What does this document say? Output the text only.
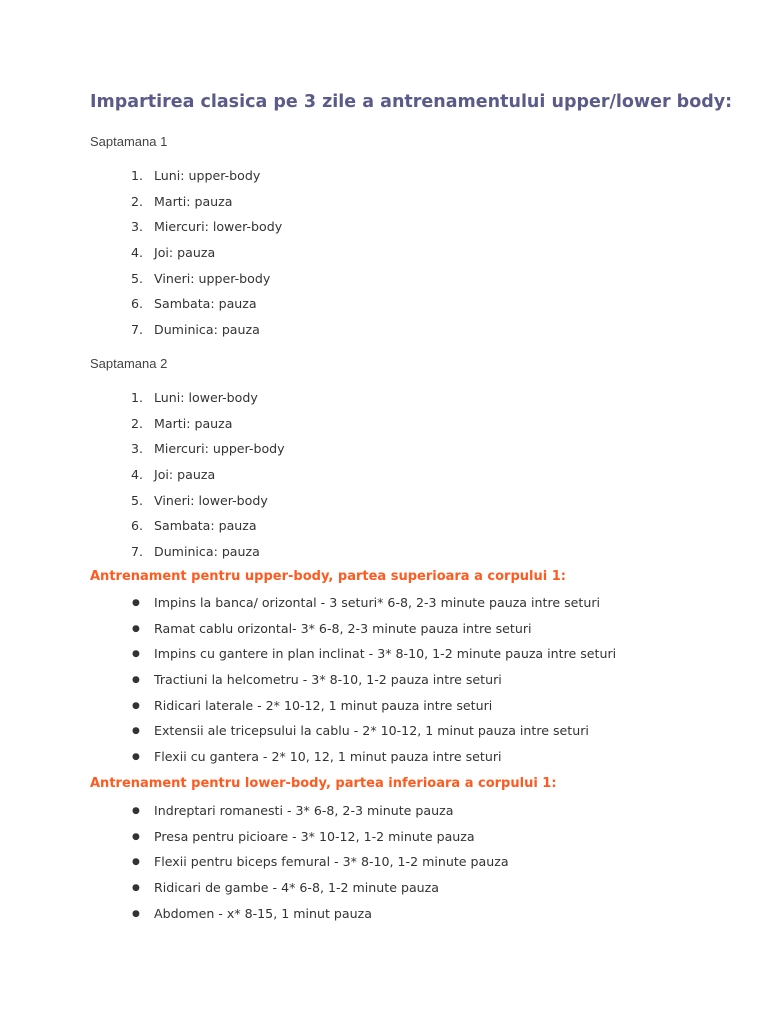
Impartirea clasica pe 3 zile a antrenamentului upper/lower body:

Saptamana 1

1. Luni: upper-body
2. Marti: pauza
3. Miercuri: lower-body
4. Joi: pauza
5. Vineri: upper-body
6. Sambata: pauza
7. Duminica: pauza

Saptamana 2

1. Luni: lower-body
2. Marti: pauza
3. Miercuri: upper-body
4. Joi: pauza
5. Vineri: lower-body
6. Sambata: pauza
7. Duminica: pauza
Antrenament pentru upper-body, partea superioara a corpului 1:
●	Impins la banca/ orizontal - 3 seturi* 6-8, 2-3 minute pauza intre seturi
●	Ramat cablu orizontal- 3* 6-8, 2-3 minute pauza intre seturi
●	Impins cu gantere in plan inclinat - 3* 8-10, 1-2 minute pauza intre seturi
●	Tractiuni la helcometru - 3* 8-10, 1-2 pauza intre seturi
●	Ridicari laterale - 2* 10-12, 1 minut pauza intre seturi
●	Extensii ale tricepsului la cablu - 2* 10-12, 1 minut pauza intre seturi
●	Flexii cu gantera - 2* 10, 12, 1 minut pauza intre seturi
Antrenament pentru lower-body, partea inferioara a corpului 1:
●	Indreptari romanesti - 3* 6-8, 2-3 minute pauza
●	Presa pentru picioare - 3* 10-12, 1-2 minute pauza
●	Flexii pentru biceps femural - 3* 8-10, 1-2 minute pauza
●	Ridicari de gambe - 4* 6-8, 1-2 minute pauza
●	Abdomen - x* 8-15, 1 minut pauza
